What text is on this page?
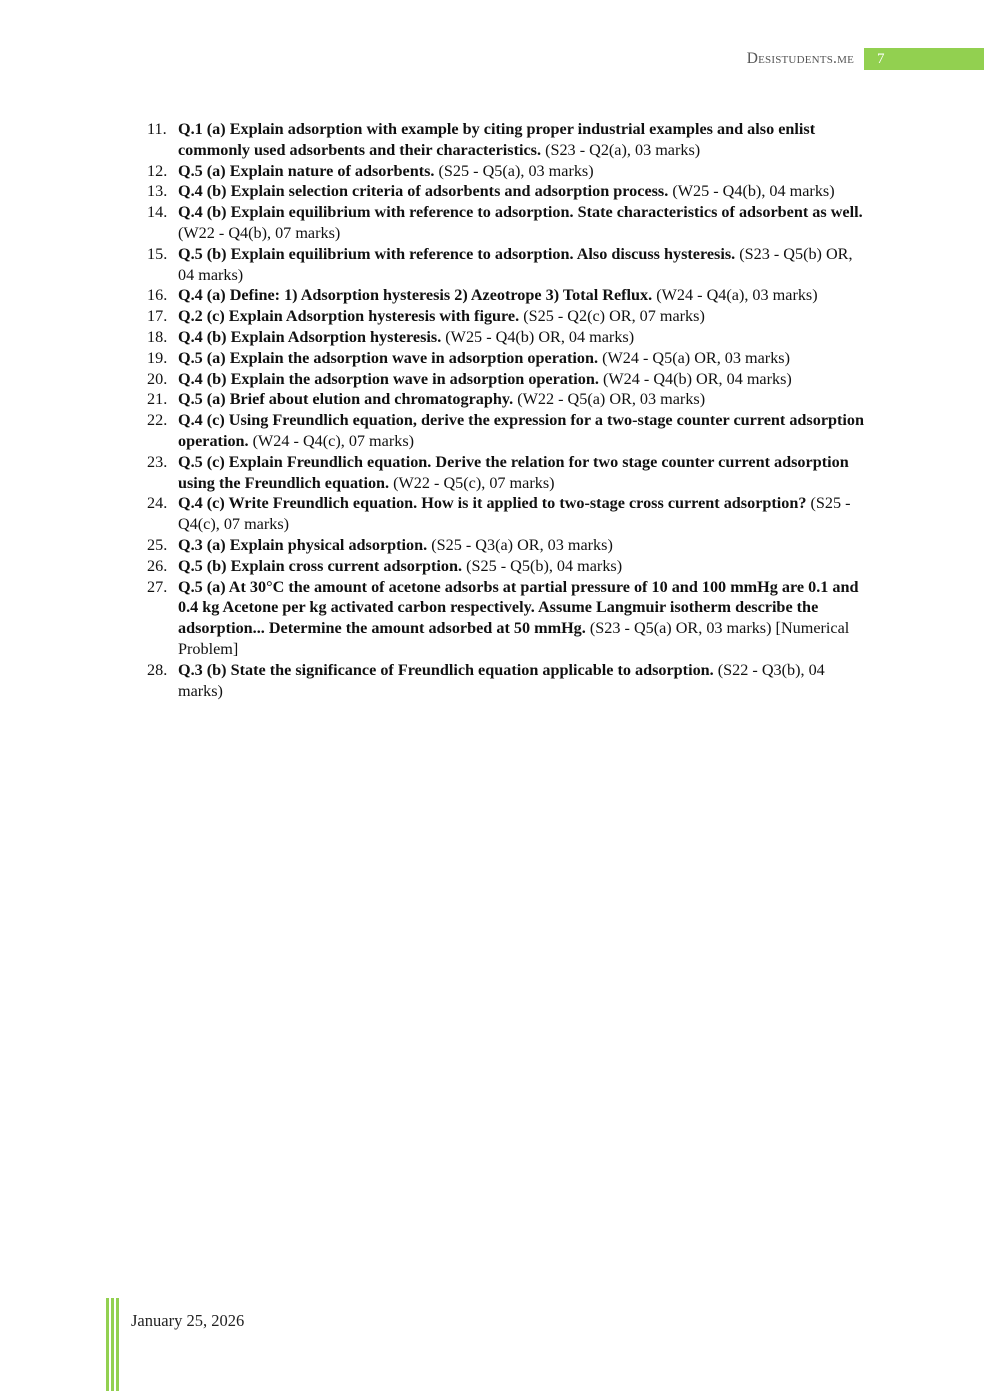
Desistudents.me 7
11. Q.1 (a) Explain adsorption with example by citing proper industrial examples and also enlist commonly used adsorbents and their characteristics. (S23 - Q2(a), 03 marks)
12. Q.5 (a) Explain nature of adsorbents. (S25 - Q5(a), 03 marks)
13. Q.4 (b) Explain selection criteria of adsorbents and adsorption process. (W25 - Q4(b), 04 marks)
14. Q.4 (b) Explain equilibrium with reference to adsorption. State characteristics of adsorbent as well. (W22 - Q4(b), 07 marks)
15. Q.5 (b) Explain equilibrium with reference to adsorption. Also discuss hysteresis. (S23 - Q5(b) OR, 04 marks)
16. Q.4 (a) Define: 1) Adsorption hysteresis 2) Azeotrope 3) Total Reflux. (W24 - Q4(a), 03 marks)
17. Q.2 (c) Explain Adsorption hysteresis with figure. (S25 - Q2(c) OR, 07 marks)
18. Q.4 (b) Explain Adsorption hysteresis. (W25 - Q4(b) OR, 04 marks)
19. Q.5 (a) Explain the adsorption wave in adsorption operation. (W24 - Q5(a) OR, 03 marks)
20. Q.4 (b) Explain the adsorption wave in adsorption operation. (W24 - Q4(b) OR, 04 marks)
21. Q.5 (a) Brief about elution and chromatography. (W22 - Q5(a) OR, 03 marks)
22. Q.4 (c) Using Freundlich equation, derive the expression for a two-stage counter current adsorption operation. (W24 - Q4(c), 07 marks)
23. Q.5 (c) Explain Freundlich equation. Derive the relation for two stage counter current adsorption using the Freundlich equation. (W22 - Q5(c), 07 marks)
24. Q.4 (c) Write Freundlich equation. How is it applied to two-stage cross current adsorption? (S25 - Q4(c), 07 marks)
25. Q.3 (a) Explain physical adsorption. (S25 - Q3(a) OR, 03 marks)
26. Q.5 (b) Explain cross current adsorption. (S25 - Q5(b), 04 marks)
27. Q.5 (a) At 30°C the amount of acetone adsorbs at partial pressure of 10 and 100 mmHg are 0.1 and 0.4 kg Acetone per kg activated carbon respectively. Assume Langmuir isotherm describe the adsorption... Determine the amount adsorbed at 50 mmHg. (S23 - Q5(a) OR, 03 marks) [Numerical Problem]
28. Q.3 (b) State the significance of Freundlich equation applicable to adsorption. (S22 - Q3(b), 04 marks)
January 25, 2026
